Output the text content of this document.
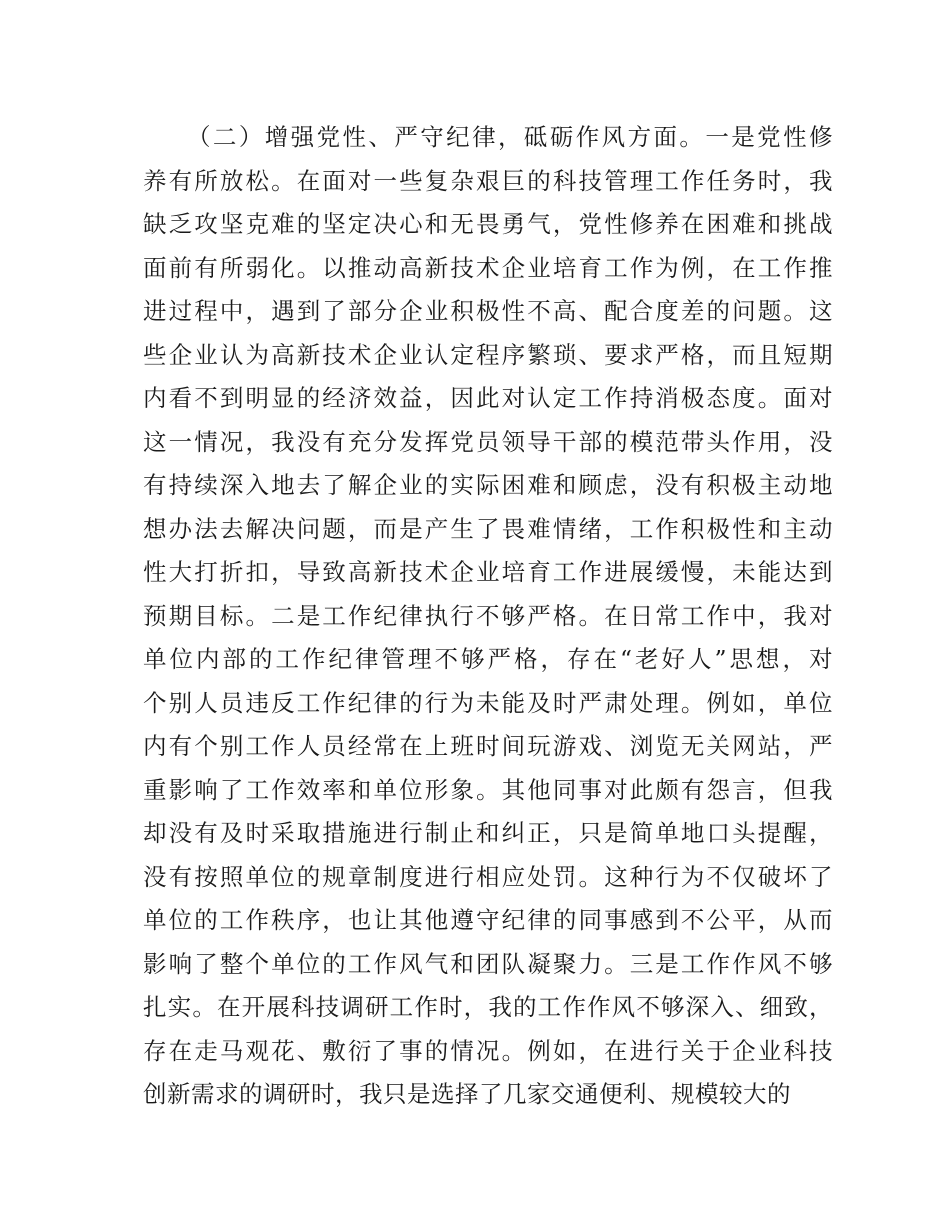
（二）增强党性、严守纪律，砥砺作风方面。一是党性修
养有所放松。在面对一些复杂艰巨的科技管理工作任务时，我
缺乏攻坚克难的坚定决心和无畏勇气，党性修养在困难和挑战
面前有所弱化。以推动高新技术企业培育工作为例，在工作推
进过程中，遇到了部分企业积极性不高、配合度差的问题。这
些企业认为高新技术企业认定程序繁琐、要求严格，而且短期
内看不到明显的经济效益，因此对认定工作持消极态度。面对
这一情况，我没有充分发挥党员领导干部的模范带头作用，没
有持续深入地去了解企业的实际困难和顾虑，没有积极主动地
想办法去解决问题，而是产生了畏难情绪，工作积极性和主动
性大打折扣，导致高新技术企业培育工作进展缓慢，未能达到
预期目标。二是工作纪律执行不够严格。在日常工作中，我对
单位内部的工作纪律管理不够严格，存在“老好人”思想，对
个别人员违反工作纪律的行为未能及时严肃处理。例如，单位
内有个别工作人员经常在上班时间玩游戏、浏览无关网站，严
重影响了工作效率和单位形象。其他同事对此颇有怨言，但我
却没有及时采取措施进行制止和纠正，只是简单地口头提醒，
没有按照单位的规章制度进行相应处罚。这种行为不仅破坏了
单位的工作秩序，也让其他遵守纪律的同事感到不公平，从而
影响了整个单位的工作风气和团队凝聚力。三是工作作风不够
扎实。在开展科技调研工作时，我的工作作风不够深入、细致，
存在走马观花、敷衍了事的情况。例如，在进行关于企业科技
创新需求的调研时，我只是选择了几家交通便利、规模较大的
